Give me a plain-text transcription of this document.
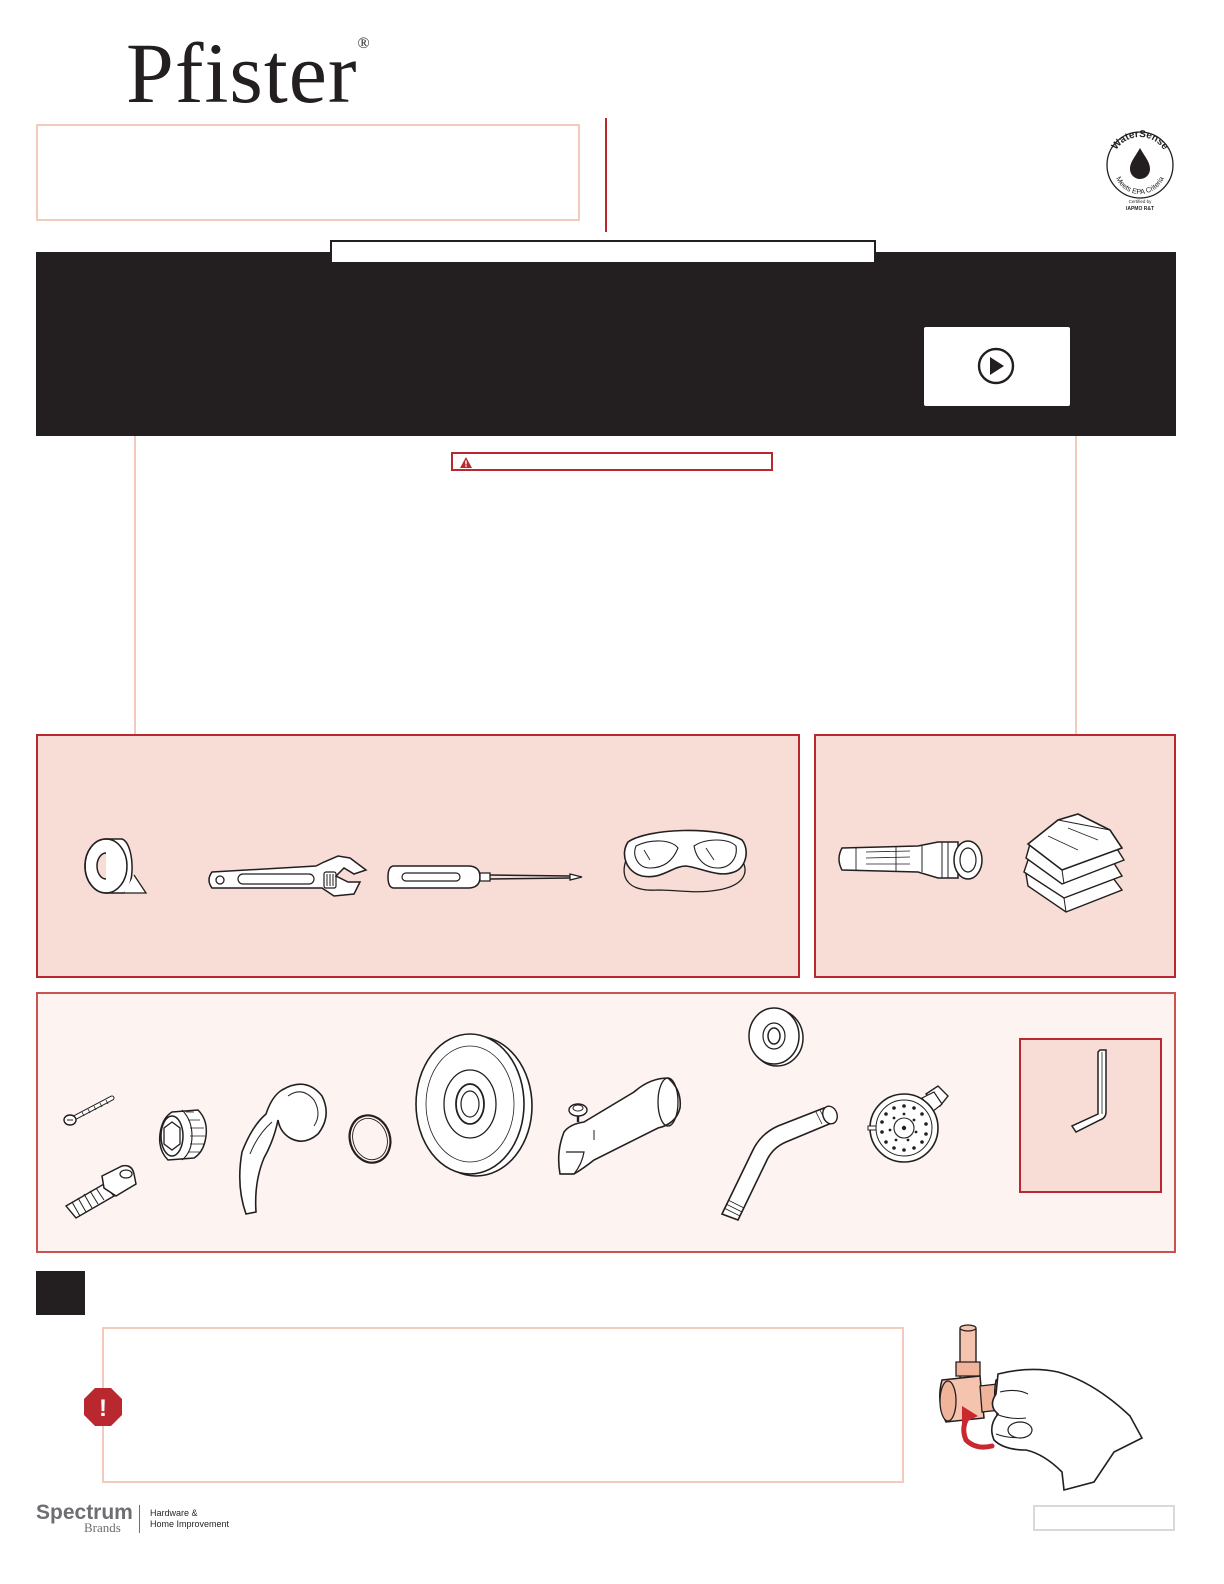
Pfister®
WaterSense
Meets EPA Criteria
Certified by
IAPMO R&T
!
Spectrum
Brands
Hardware &
Home Improvement
